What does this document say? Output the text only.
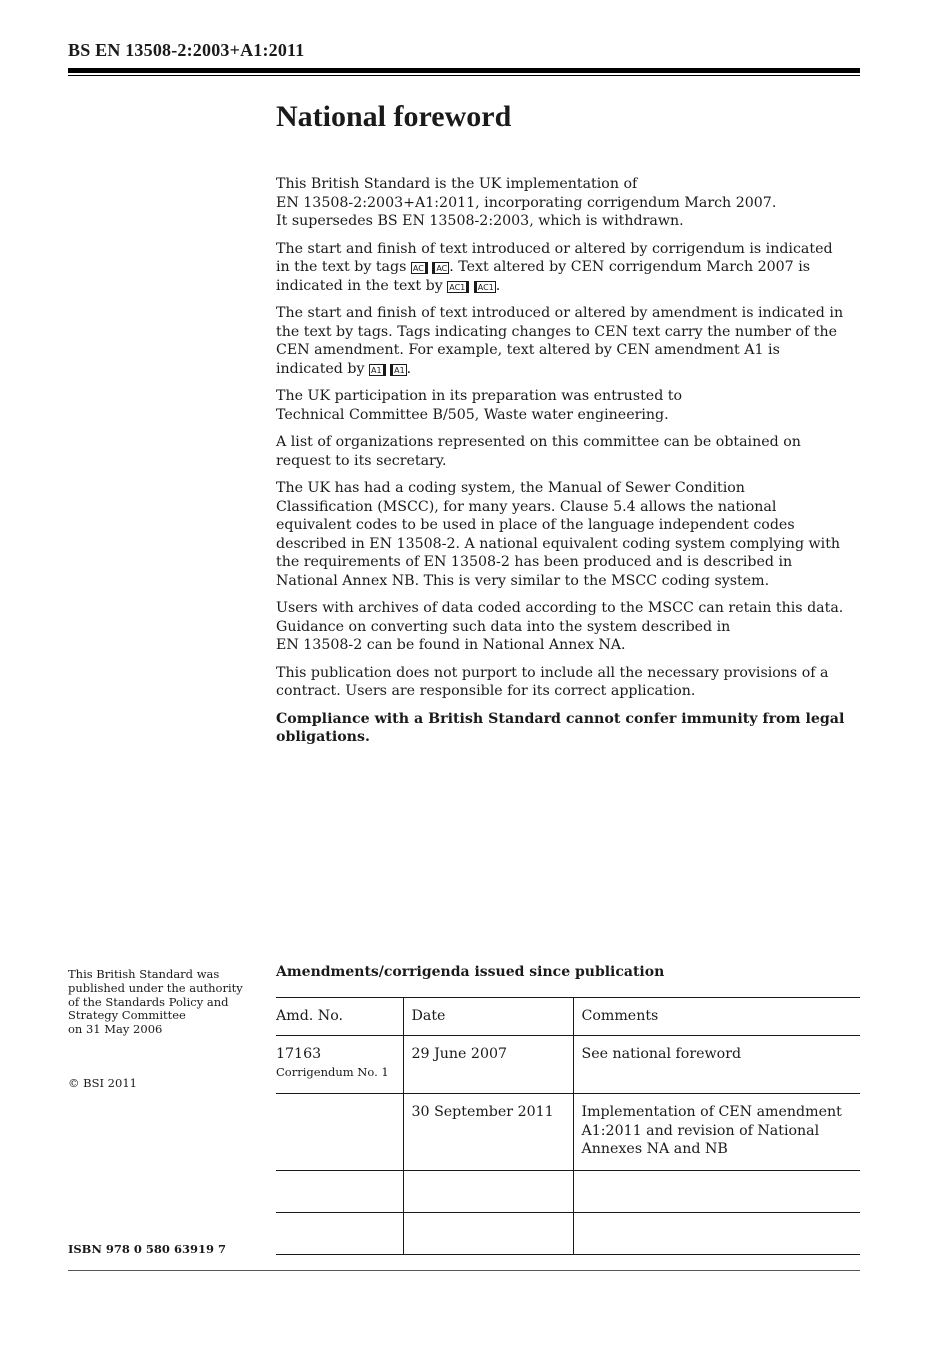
BS EN 13508-2:2003+A1:2011
National foreword

This British Standard is the UK implementation of
EN 13508-2:2003+A1:2011, incorporating corrigendum March 2007.
It supersedes BS EN 13508-2:2003, which is withdrawn.

The start and finish of text introduced or altered by corrigendum is indicated in the text by tags AC AC . Text altered by CEN corrigendum March 2007 is indicated in the text by AC1 AC1 .

The start and finish of text introduced or altered by amendment is indicated in the text by tags. Tags indicating changes to CEN text carry the number of the CEN amendment. For example, text altered by CEN amendment A1 is indicated by A1 A1 .

The UK participation in its preparation was entrusted to
Technical Committee B/505, Waste water engineering.

A list of organizations represented on this committee can be obtained on request to its secretary.

The UK has had a coding system, the Manual of Sewer Condition Classification (MSCC), for many years. Clause 5.4 allows the national equivalent codes to be used in place of the language independent codes described in EN 13508-2. A national equivalent coding system complying with the requirements of EN 13508-2 has been produced and is described in National Annex NB. This is very similar to the MSCC coding system.

Users with archives of data coded according to the MSCC can retain this data. Guidance on converting such data into the system described in
EN 13508-2 can be found in National Annex NA.

This publication does not purport to include all the necessary provisions of a contract. Users are responsible for its correct application.

Compliance with a British Standard cannot confer immunity from legal obligations.

This British Standard was

published under the authority

of the Standards Policy and

Strategy Committee

on 31 May 2006

© BSI 2011
ISBN 978 0 580 63919 7
Amendments/corrigenda issued since publication
Amd. No.	Date	Comments

17163
Corrigendum No. 1	29 June 2007	See national foreword
	30 September 2011	Implementation of CEN amendment A1:2011 and revision of National Annexes NA and NB
